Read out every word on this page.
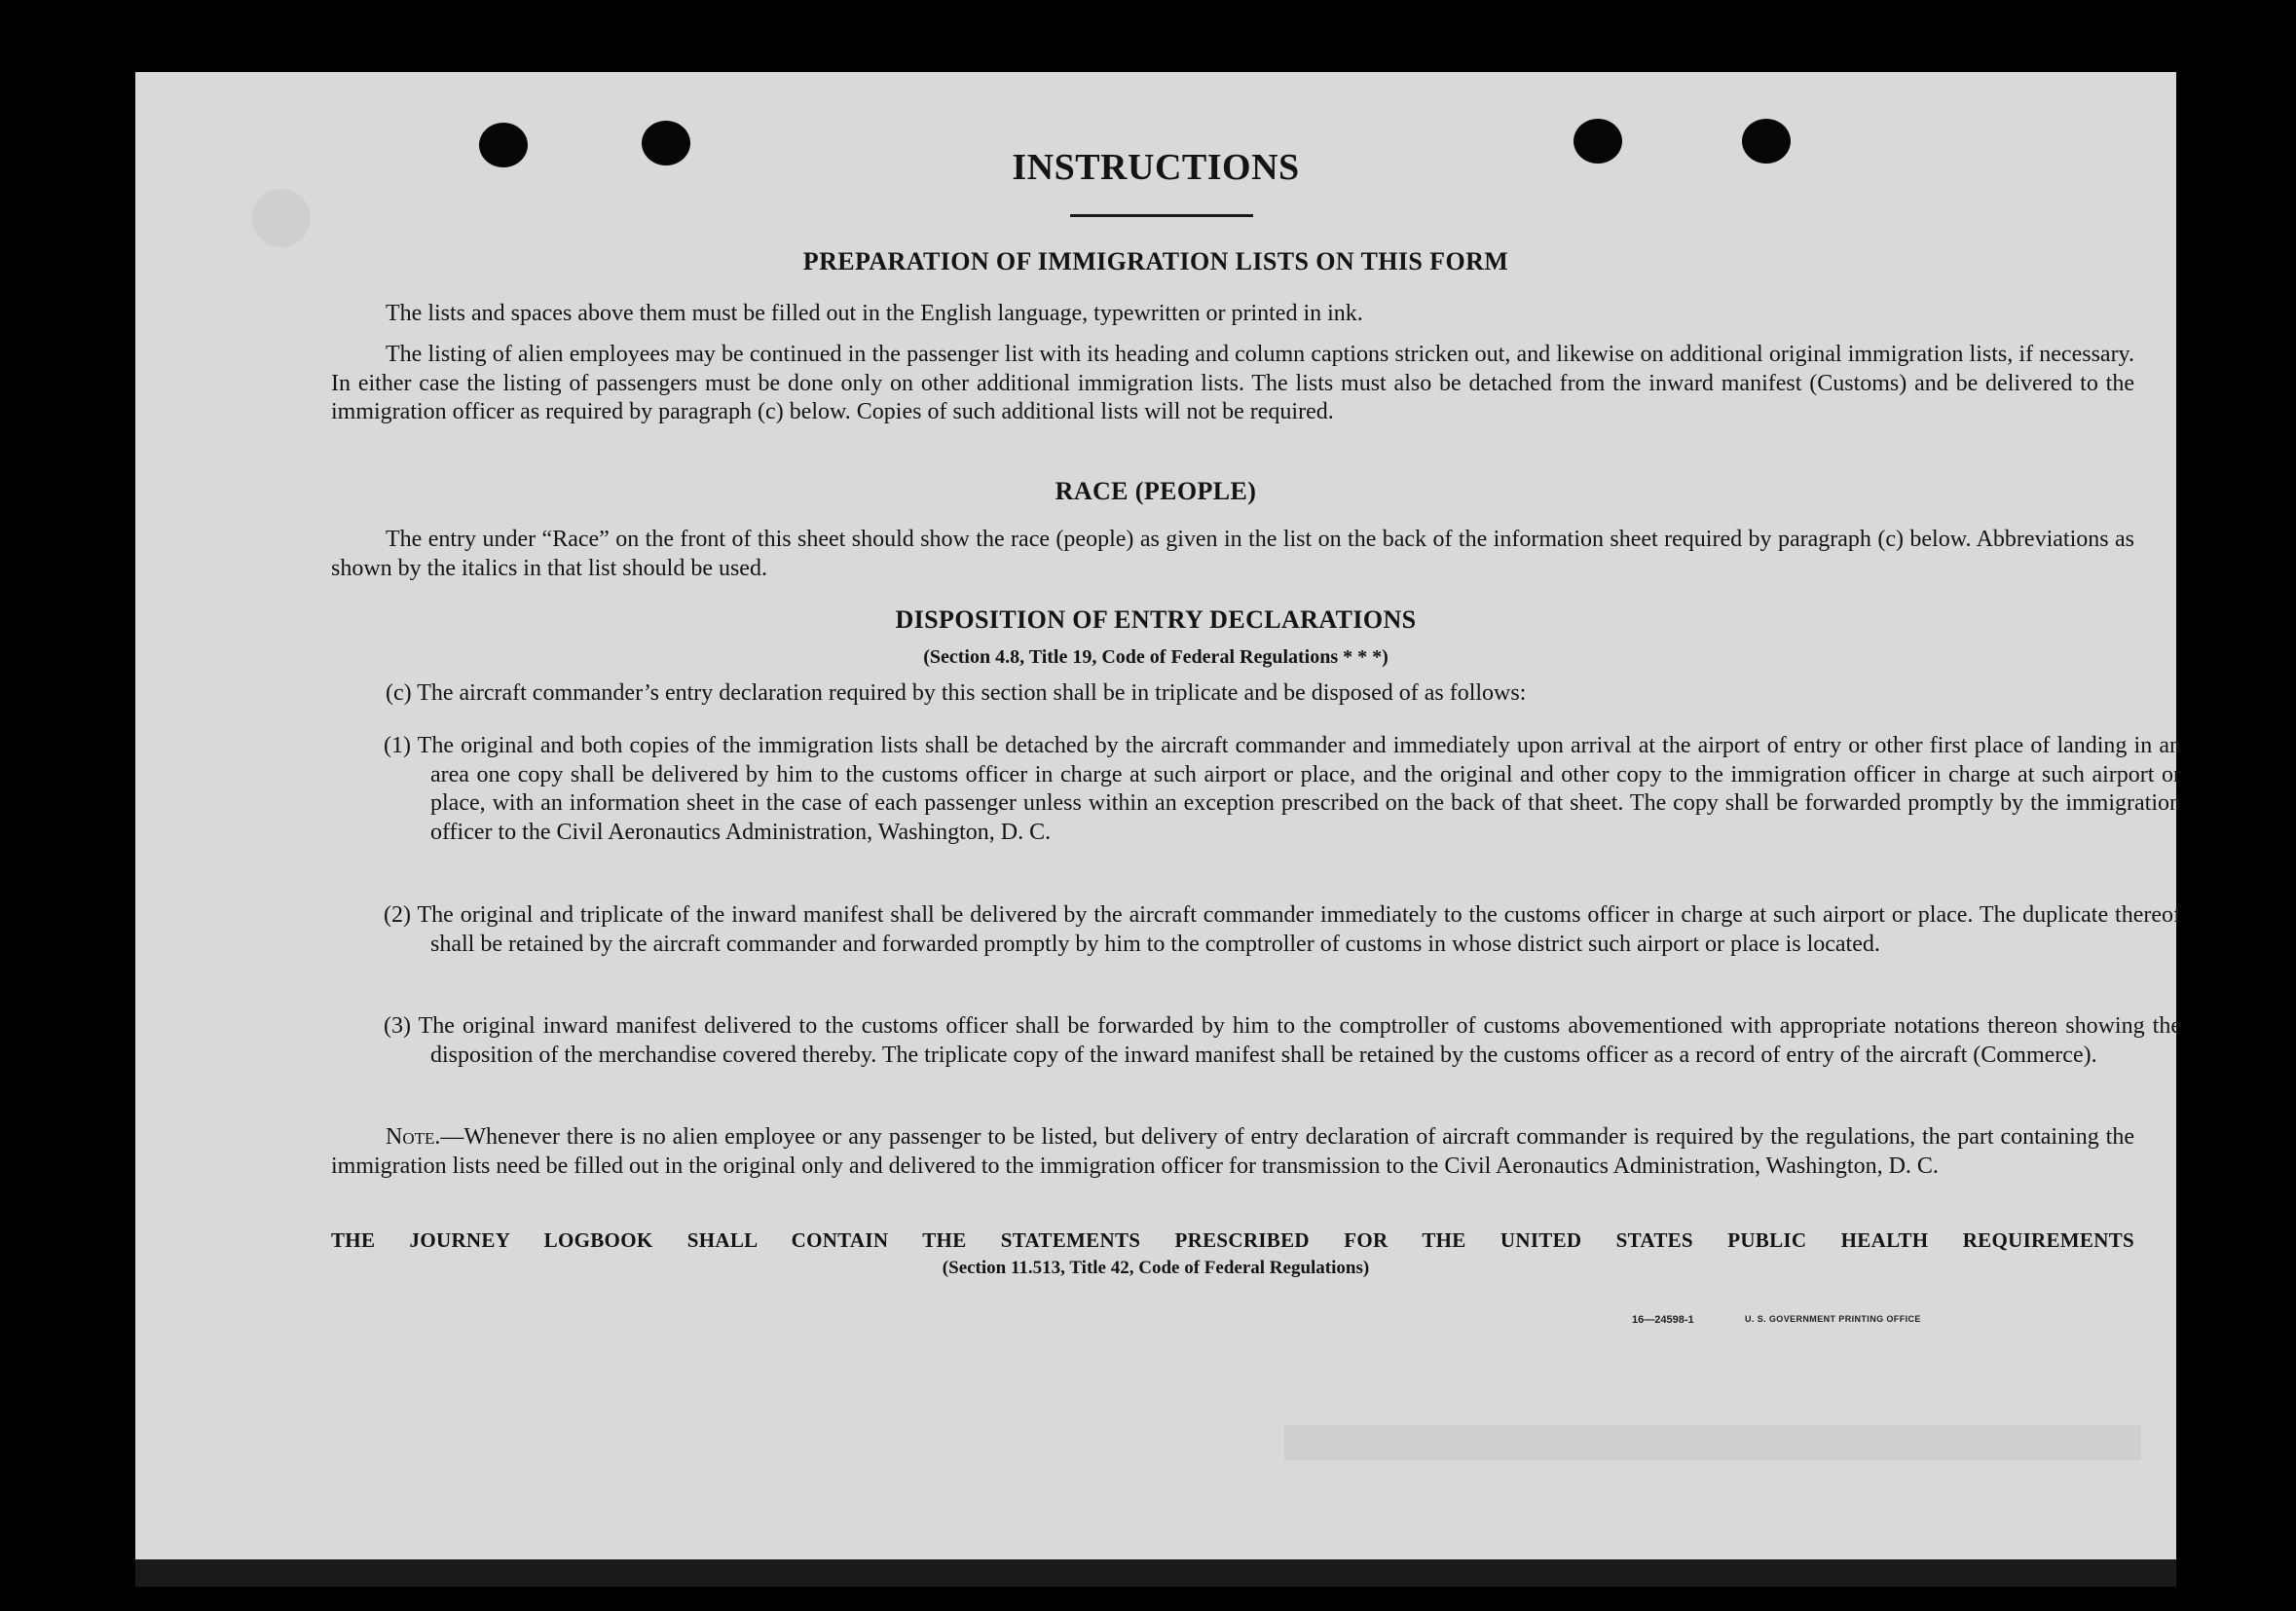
INSTRUCTIONS
PREPARATION OF IMMIGRATION LISTS ON THIS FORM
The lists and spaces above them must be filled out in the English language, typewritten or printed in ink.
The listing of alien employees may be continued in the passenger list with its heading and column captions stricken out, and likewise on additional original immigration lists, if necessary. In either case the listing of passengers must be done only on other additional immigration lists. The lists must also be detached from the inward manifest (Customs) and be delivered to the immigration officer as required by paragraph (c) below. Copies of such additional lists will not be required.
RACE (PEOPLE)
The entry under “Race” on the front of this sheet should show the race (people) as given in the list on the back of the information sheet required by paragraph (c) below. Abbreviations as shown by the italics in that list should be used.
DISPOSITION OF ENTRY DECLARATIONS
(Section 4.8, Title 19, Code of Federal Regulations * * *)
(c) The aircraft commander’s entry declaration required by this section shall be in triplicate and be disposed of as follows:
(1) The original and both copies of the immigration lists shall be detached by the aircraft commander and immediately upon arrival at the airport of entry or other first place of landing in an area one copy shall be delivered by him to the customs officer in charge at such airport or place, and the original and other copy to the immigration officer in charge at such airport or place, with an information sheet in the case of each passenger unless within an exception prescribed on the back of that sheet. The copy shall be forwarded promptly by the immigration officer to the Civil Aeronautics Administration, Washington, D. C.
(2) The original and triplicate of the inward manifest shall be delivered by the aircraft commander immediately to the customs officer in charge at such airport or place. The duplicate thereof shall be retained by the aircraft commander and forwarded promptly by him to the comptroller of customs in whose district such airport or place is located.
(3) The original inward manifest delivered to the customs officer shall be forwarded by him to the comptroller of customs abovementioned with appropriate notations thereon showing the disposition of the merchandise covered thereby. The triplicate copy of the inward manifest shall be retained by the customs officer as a record of entry of the aircraft (Commerce).
Note.—Whenever there is no alien employee or any passenger to be listed, but delivery of entry declaration of aircraft commander is required by the regulations, the part containing the immigration lists need be filled out in the original only and delivered to the immigration officer for transmission to the Civil Aeronautics Administration, Washington, D. C.
THE JOURNEY LOGBOOK SHALL CONTAIN THE STATEMENTS PRESCRIBED FOR THE UNITED STATES PUBLIC HEALTH REQUIREMENTS
(Section 11.513, Title 42, Code of Federal Regulations)
16—24598‑1	U. S. GOVERNMENT PRINTING OFFICE
